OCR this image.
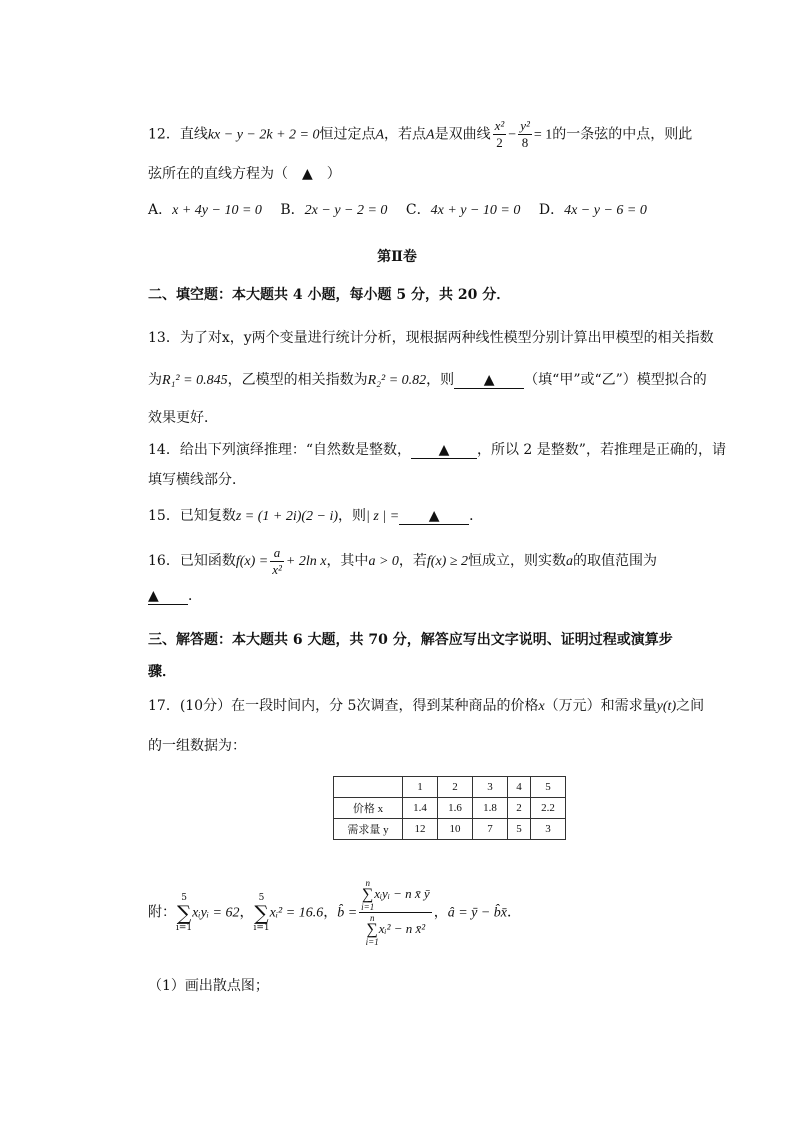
12．直线kx − y − 2k + 2 = 0恒过定点A，若点A是双曲线 $\frac{\text{x²}}{2} - \frac{\text{y²}}{8} = 1$的一条弦的中点，则此
弦所在的直线方程为（　▲　）
A．x + 4y − 10 = 0 B．2x − y − 2 = 0 C．4x + y − 10 = 0 D．4x − y − 6 = 0
第Ⅱ卷
二、填空题：本大题共 4 小题，每小题 5 分，共 20 分．
13．为了对x，y两个变量进行统计分析，现根据两种线性模型分别计算出甲模型的相关指数
为R₁² = 0.845，乙模型的相关指数为R₂² = 0.82，则 ▲ （填“甲”或“乙”）模型拟合的
效果更好．
14．给出下列演绎推理：“自然数是整数， ▲ ，所以 2 是整数”，若推理是正确的，请
填写横线部分．
15．已知复数z = (1 + 2i)(2 − i)，则| z | = ▲ ．
16．已知函数$f(x) = \frac{a}{\text{x²}} + 2\ln$ x，其中a > 0，若f(x) ≥ 2恒成立，则实数a的取值范围为
▲ ．
三、解答题：本大题共 6 大题，共 70 分，解答应写出文字说明、证明过程或演算步
骤．
17．(10分）在一段时间内，分 5次调查，得到某种商品的价格x（万元）和需求量y(t)之间
的一组数据为：
	1	2	3	4	5
价格 x	1.4	1.6	1.8	2	2.2
需求量 y	12	10	7	5	3
附：5
∑
i=1xᵢyᵢ = 62，5
∑
i=1xᵢ² = 16.6，b̂ = n
∑
i=1xᵢyᵢ − n x̄ ȳ
n
∑
i=1xᵢ² − n x̄² ，â = ȳ − b̂x̄．
（1）画出散点图；
